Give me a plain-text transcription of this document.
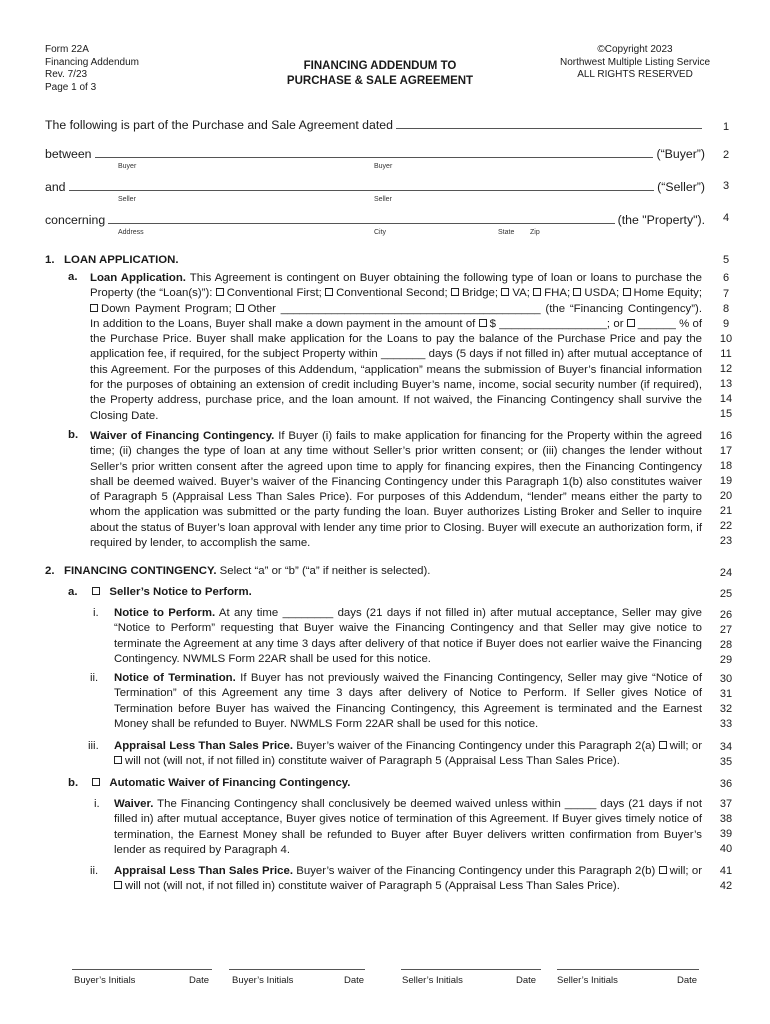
Form 22A
Financing Addendum
Rev. 7/23
Page 1 of 3
FINANCING ADDENDUM TO
PURCHASE & SALE AGREEMENT
©Copyright 2023
Northwest Multiple Listing Service
ALL RIGHTS RESERVED
The following is part of the Purchase and Sale Agreement dated
between	(“Buyer”)
Buyer	Buyer
and	(“Seller”)
Seller	Seller
concerning	(the "Property").
Address	City	State Zip
1
2
3
4
5
6
7
8
9
10
11
12
13
14
15
16
17
18
19
20
21
22
23
24
25
26
27
28
29
30
31
32
33
34
35
36
37
38
39
40
41
42
1. LOAN APPLICATION.
a. Loan Application. This Agreement is contingent on Buyer obtaining the following type of loan or loans to purchase the Property (the “Loan(s)”): Conventional First; Conventional Second; Bridge; VA; FHA; USDA; Home Equity; Down Payment Program; Other _________________________________________ (the “Financing Contingency”). In addition to the Loans, Buyer shall make a down payment in the amount of $ _________________; or ______ % of the Purchase Price. Buyer shall make application for the Loans to pay the balance of the Purchase Price and pay the application fee, if required, for the subject Property within _______ days (5 days if not filled in) after mutual acceptance of this Agreement. For the purposes of this Addendum, “application” means the submission of Buyer’s financial information for the purposes of obtaining an extension of credit including Buyer’s name, income, social security number (if required), the Property address, purchase price, and the loan amount. If not waived, the Financing Contingency shall survive the Closing Date.
b. Waiver of Financing Contingency. If Buyer (i) fails to make application for financing for the Property within the agreed time; (ii) changes the type of loan at any time without Seller’s prior written consent; or (iii) changes the lender without Seller’s prior written consent after the agreed upon time to apply for financing expires, then the Financing Contingency shall be deemed waived. Buyer’s waiver of the Financing Contingency under this Paragraph 1(b) also constitutes waiver of Paragraph 5 (Appraisal Less Than Sales Price). For purposes of this Addendum, “lender” means either the party to whom the application was submitted or the party funding the loan. Buyer authorizes Listing Broker and Seller to inquire about the status of Buyer’s loan approval with lender any time prior to Closing. Buyer will execute an authorization form, if required by lender, to accomplish the same.
2. FINANCING CONTINGENCY. Select “a” or “b” (“a” if neither is selected).
a.	Seller’s Notice to Perform.
i. Notice to Perform. At any time ________ days (21 days if not filled in) after mutual acceptance, Seller may give “Notice to Perform” requesting that Buyer waive the Financing Contingency and that Seller may give notice to terminate the Agreement at any time 3 days after delivery of that notice if Buyer does not earlier waive the Financing Contingency. NWMLS Form 22AR shall be used for this notice.
ii. Notice of Termination. If Buyer has not previously waived the Financing Contingency, Seller may give “Notice of Termination” of this Agreement any time 3 days after delivery of Notice to Perform. If Seller gives Notice of Termination before Buyer has waived the Financing Contingency, this Agreement is terminated and the Earnest Money shall be refunded to Buyer. NWMLS Form 22AR shall be used for this notice.
iii. Appraisal Less Than Sales Price. Buyer’s waiver of the Financing Contingency under this Paragraph 2(a) will; or will not (will not, if not filled in) constitute waiver of Paragraph 5 (Appraisal Less Than Sales Price).
b.	Automatic Waiver of Financing Contingency.
i. Waiver. The Financing Contingency shall conclusively be deemed waived unless within _____ days (21 days if not filled in) after mutual acceptance, Buyer gives notice of termination of this Agreement. If Buyer gives timely notice of termination, the Earnest Money shall be refunded to Buyer after Buyer delivers written confirmation from Buyer’s lender as required by Paragraph 4.
ii. Appraisal Less Than Sales Price. Buyer’s waiver of the Financing Contingency under this Paragraph 2(b) will; or will not (will not, if not filled in) constitute waiver of Paragraph 5 (Appraisal Less Than Sales Price).
Buyer’s Initials	Date Buyer’s Initials	Date	Seller’s Initials	Date Seller’s Initials	Date
